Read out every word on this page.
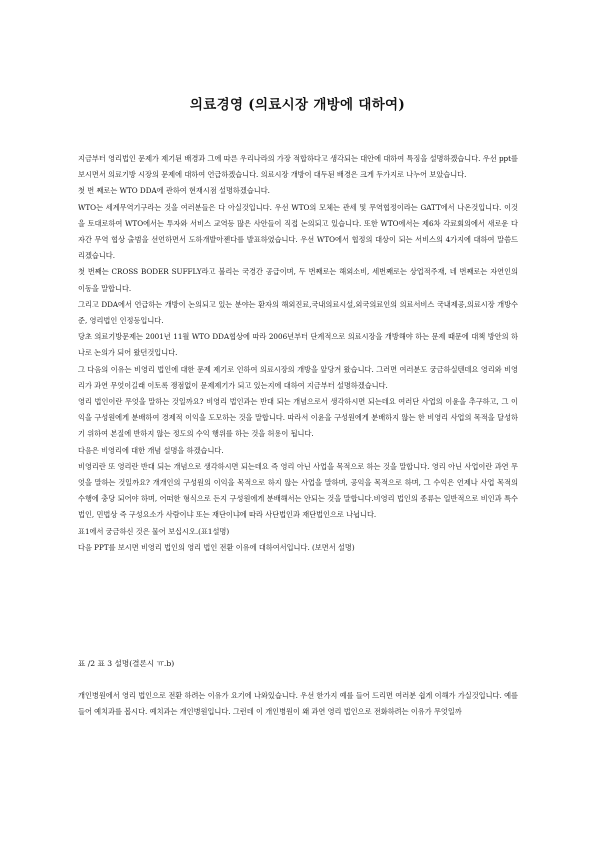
의료경영 (의료시장 개방에 대하여)

지금부터 영리법인 문제가 제기된 배경과 그에 따른 우리나라의 가장 적합하다고 생각되는 대안에 대하여 특징을 설명하겠습니다. 우선 ppt를 보시면서 의료기방 시장의 문제에 대하여 언급하겠습니다. 의료시장 개방이 대두된 배경은 크게 두가지로 나누어 보았습니다.

첫 번 째로는 WTO DDA에 관하여 현재시점 설명하겠습니다.

WTO는 세계무역기구라는 것을 여러분들은 다 아실것입니다. 우선 WTO의 모체는 관세 및 무역협정이라는 GATT에서 나온것입니다. 이것을 토대로하여 WTO에서는 투자와 서비스 교역등 많은 사안들이 직접 논의되고 있습니다. 또한 WTO에서는 제6차 각료회의에서 새로운 다자간 무역 협상 출범을 선언하면서 도하개발아젠다를 발표하였습니다. 우선 WTO에서 협정의 대상이 되는 서비스의 4가지에 대하여 말씀드리겠습니다.

첫 번째는 CROSS BODER SUFFLY라고 불리는 국경간 공급이며, 두 번째로는 해외소비, 세번째로는 상업적주재, 네 번째로는 자연인의 이동을 말합니다.

그리고 DDA에서 언급하는 개방이 논의되고 있는 분야는 환자의 해외진료,국내의료시설,외국의료인의 의료서비스 국내제공,의료시장 개방수준, 영리법인 인정등입니다.

당초 의료기방문제는 2001년 11월 WTO DDA협상에 따라 2006년부터 단계적으로 의료시장을 개방해야 하는 문제 때문에 대책 방안의 하나로 논의가 되어 왔던것입니다.

그 다음의 이유는 비영리 법인에 대한 문제 제기로 인하여 의료시장의 개방을 앞당겨 왔습니다. 그러면 여러분도 궁금하실텐데요 영리와 비영리가 과연 무엇이길래 이토록 쟁점없이 문제제기가 되고 있는지에 대하여 지금부터 설명하겠습니다.

영리 법인이란 무엇을 말하는 것일까요? 비영리 법인과는 반대 되는 개념으로서 생각하시면 되는데요 여러단 사업의 이윤을 추구하고, 그 이익을 구성원에게 분배하여 경제적 이익을 도모하는 것을 말합니다. 따라서 이윤을 구성원에게 분배하지 않는 한 비영리 사업의 목적을 달성하기 위하여 본질에 반하지 않는 정도의 수익 행위를 하는 것을 허용이 됩니다.

다음은 비영리에 대한 개념 설명을 하겠습니다.

비영리란 또 영리란 반대 되는 개념으로 생각하시면 되는데요 즉 영리 아닌 사업을 목적으로 하는 것을 말합니다. 영리 아닌 사업이란 과연 무엇을 말하는 것일까요? 개개인의 구성원의 이익을 목적으로 하지 않는 사업을 말하며, 공익을 목적으로 하며, 그 수익은 언제나 사업 목적의 수행에 충당 되어야 하며, 어떠한 형식으로 든지 구성원에게 분배해서는 안되는 것을 말합니다.비영리 법인의 종류는 일반적으로 비인과 특수법인, 민법상 즉 구성요소가 사람이냐 또는 재단이냐에 따라 사단법인과 재단법인으로 나뉩니다.

표1에서 궁금하신 것은 물어 보십시오.(표1설명)

다음 PPT를 보시면 비영리 법인의 영리 법인 전환 이유에 대하여서입니다. (보면서 설명)

표 /2 표 3 설명(결론시 ㅠ.b)

개인병원에서 영리 법인으로 전환 하려는 이유가 요기에 나와있습니다. 우선 한가지 예를 들어 드리면 여러분 쉽게 이해가 가실것입니다. 예를 들어 예치과를 봅시다. 예치과는 개인병원입니다. 그런데 이 개인병원이 왜 과연 영리 법인으로 전화하려는 이유가 무엇일까
